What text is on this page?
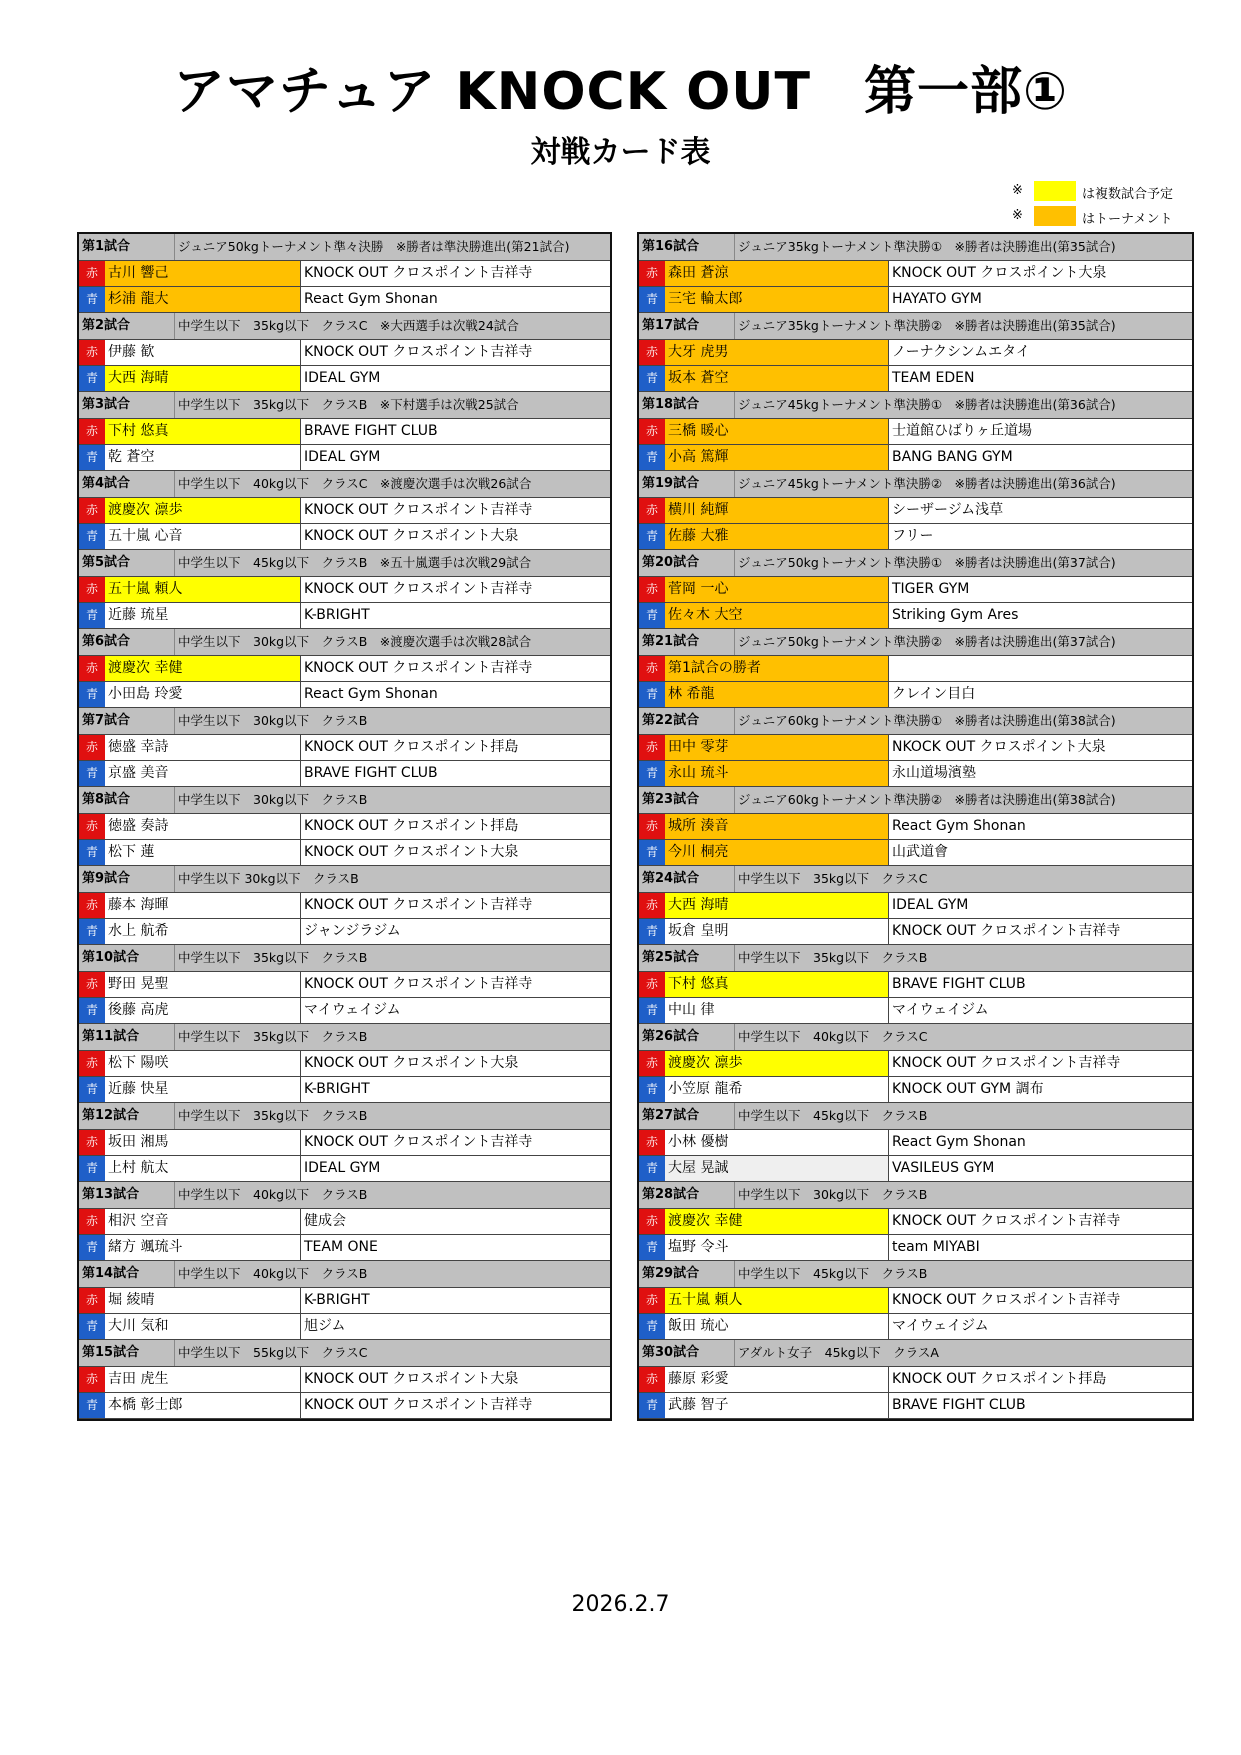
アマチュア KNOCK OUT　第一部①
対戦カード表
※	は複数試合予定
※	はトーナメント
第1試合	ジュニア50kgトーナメント準々決勝　※勝者は準決勝進出(第21試合)
赤 古川 響己	KNOCK OUT クロスポイント吉祥寺
青 杉浦 龍大	React Gym Shonan
第2試合	中学生以下　35kg以下　クラスC　※大西選手は次戦24試合
赤 伊藤 歓	KNOCK OUT クロスポイント吉祥寺
青 大西 海晴	IDEAL GYM
第3試合	中学生以下　35kg以下　クラスB　※下村選手は次戦25試合
赤 下村 悠真	BRAVE FIGHT CLUB
青 乾 蒼空	IDEAL GYM
第4試合	中学生以下　40kg以下　クラスC　※渡慶次選手は次戦26試合
赤 渡慶次 凛歩	KNOCK OUT クロスポイント吉祥寺
青 五十嵐 心音	KNOCK OUT クロスポイント大泉
第5試合	中学生以下　45kg以下　クラスB　※五十嵐選手は次戦29試合
赤 五十嵐 頼人	KNOCK OUT クロスポイント吉祥寺
青 近藤 琉星	K-BRIGHT
第6試合	中学生以下　30kg以下　クラスB　※渡慶次選手は次戦28試合
赤 渡慶次 幸健	KNOCK OUT クロスポイント吉祥寺
青 小田島 玲愛	React Gym Shonan
第7試合	中学生以下　30kg以下　クラスB
赤 徳盛 幸詩	KNOCK OUT クロスポイント拝島
青 京盛 美音	BRAVE FIGHT CLUB
第8試合	中学生以下　30kg以下　クラスB
赤 徳盛 奏詩	KNOCK OUT クロスポイント拝島
青 松下 蓮	KNOCK OUT クロスポイント大泉
第9試合	中学生以下 30kg以下　クラスB
赤 藤本 海暉	KNOCK OUT クロスポイント吉祥寺
青 水上 航希	ジャンジラジム
第10試合	中学生以下　35kg以下　クラスB
赤 野田 晃聖	KNOCK OUT クロスポイント吉祥寺
青 後藤 高虎	マイウェイジム
第11試合	中学生以下　35kg以下　クラスB
赤 松下 陽咲	KNOCK OUT クロスポイント大泉
青 近藤 快星	K-BRIGHT
第12試合	中学生以下　35kg以下　クラスB
赤 坂田 湘馬	KNOCK OUT クロスポイント吉祥寺
青 上村 航太	IDEAL GYM
第13試合	中学生以下　40kg以下　クラスB
赤 相沢 空音	健成会
青 緒方 颯琉斗	TEAM ONE
第14試合	中学生以下　40kg以下　クラスB
赤 堀 綾晴	K-BRIGHT
青 大川 気和	旭ジム
第15試合	中学生以下　55kg以下　クラスC
赤 吉田 虎生	KNOCK OUT クロスポイント大泉
青 本橋 彰士郎	KNOCK OUT クロスポイント吉祥寺
第16試合	ジュニア35kgトーナメント準決勝①　※勝者は決勝進出(第35試合)
赤 森田 蒼涼	KNOCK OUT クロスポイント大泉
青 三宅 輪太郎	HAYATO GYM
第17試合	ジュニア35kgトーナメント準決勝②　※勝者は決勝進出(第35試合)
赤 大牙 虎男	ノーナクシンムエタイ
青 坂本 蒼空	TEAM EDEN
第18試合	ジュニア45kgトーナメント準決勝①　※勝者は決勝進出(第36試合)
赤 三橋 暖心	士道館ひばりヶ丘道場
青 小高 篤輝	BANG BANG GYM
第19試合	ジュニア45kgトーナメント準決勝②　※勝者は決勝進出(第36試合)
赤 横川 純輝	シーザージム浅草
青 佐藤 大雅	フリー
第20試合	ジュニア50kgトーナメント準決勝①　※勝者は決勝進出(第37試合)
赤 菅岡 一心	TIGER GYM
青 佐々木 大空	Striking Gym Ares
第21試合	ジュニア50kgトーナメント準決勝②　※勝者は決勝進出(第37試合)
赤 第1試合の勝者
青 林 希龍	クレイン目白
第22試合	ジュニア60kgトーナメント準決勝①　※勝者は決勝進出(第38試合)
赤 田中 零芽	NKOCK OUT クロスポイント大泉
青 永山 琉斗	永山道場濱塾
第23試合	ジュニア60kgトーナメント準決勝②　※勝者は決勝進出(第38試合)
赤 城所 湊音	React Gym Shonan
青 今川 桐亮	山武道會
第24試合	中学生以下　35kg以下　クラスC
赤 大西 海晴	IDEAL GYM
青 坂倉 皇明	KNOCK OUT クロスポイント吉祥寺
第25試合	中学生以下　35kg以下　クラスB
赤 下村 悠真	BRAVE FIGHT CLUB
青 中山 律	マイウェイジム
第26試合	中学生以下　40kg以下　クラスC
赤 渡慶次 凛歩	KNOCK OUT クロスポイント吉祥寺
青 小笠原 龍希	KNOCK OUT GYM 調布
第27試合	中学生以下　45kg以下　クラスB
赤 小林 優樹	React Gym Shonan
青 大屋 晃誠	VASILEUS GYM
第28試合	中学生以下　30kg以下　クラスB
赤 渡慶次 幸健	KNOCK OUT クロスポイント吉祥寺
青 塩野 令斗	team MIYABI
第29試合	中学生以下　45kg以下　クラスB
赤 五十嵐 頼人	KNOCK OUT クロスポイント吉祥寺
青 飯田 琉心	マイウェイジム
第30試合	アダルト女子　45kg以下　クラスA
赤 藤原 彩愛	KNOCK OUT クロスポイント拝島
青 武藤 智子	BRAVE FIGHT CLUB
2026.2.7
